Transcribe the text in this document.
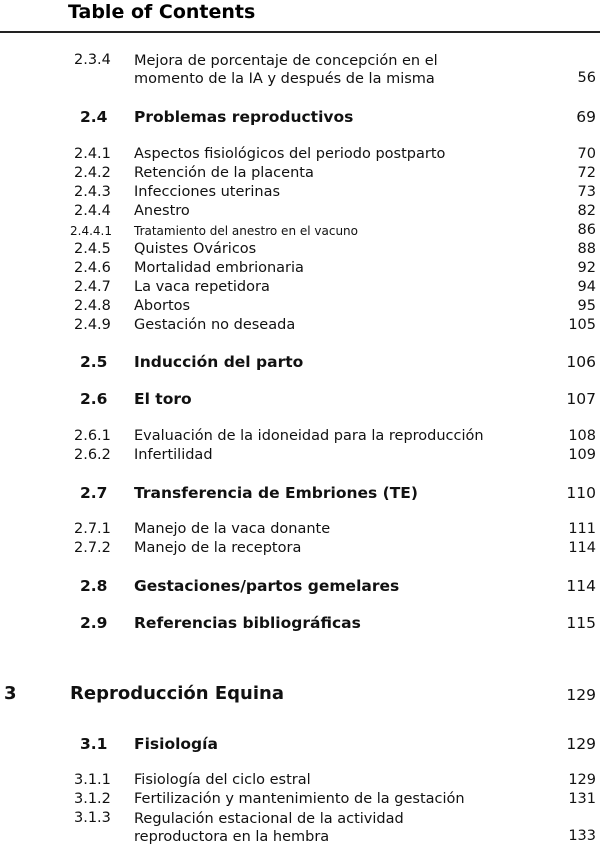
Table of Contents
2.3.4 Mejora de porcentaje de concepción en el
momento de la IA y después de la misma	56
2.4 Problemas reproductivos	69
2.4.1 Aspectos fisiológicos del periodo postparto	70
2.4.2 Retención de la placenta	72
2.4.3 Infecciones uterinas	73
2.4.4 Anestro	82
2.4.4.1 Tratamiento del anestro en el vacuno	86
2.4.5 Quistes Ováricos	88
2.4.6 Mortalidad embrionaria	92
2.4.7 La vaca repetidora	94
2.4.8 Abortos	95
2.4.9 Gestación no deseada	105
2.5 Inducción del parto	106
2.6 El toro	107
2.6.1 Evaluación de la idoneidad para la reproducción	108
2.6.2 Infertilidad	109
2.7 Transferencia de Embriones (TE)	110
2.7.1 Manejo de la vaca donante	111
2.7.2 Manejo de la receptora	114
2.8 Gestaciones/partos gemelares	114
2.9 Referencias bibliográficas	115
3	Reproducción Equina	129
3.1 Fisiología	129
3.1.1 Fisiología del ciclo estral	129
3.1.2 Fertilización y mantenimiento de la gestación	131
3.1.3 Regulación estacional de la actividad
reproductora en la hembra	133
